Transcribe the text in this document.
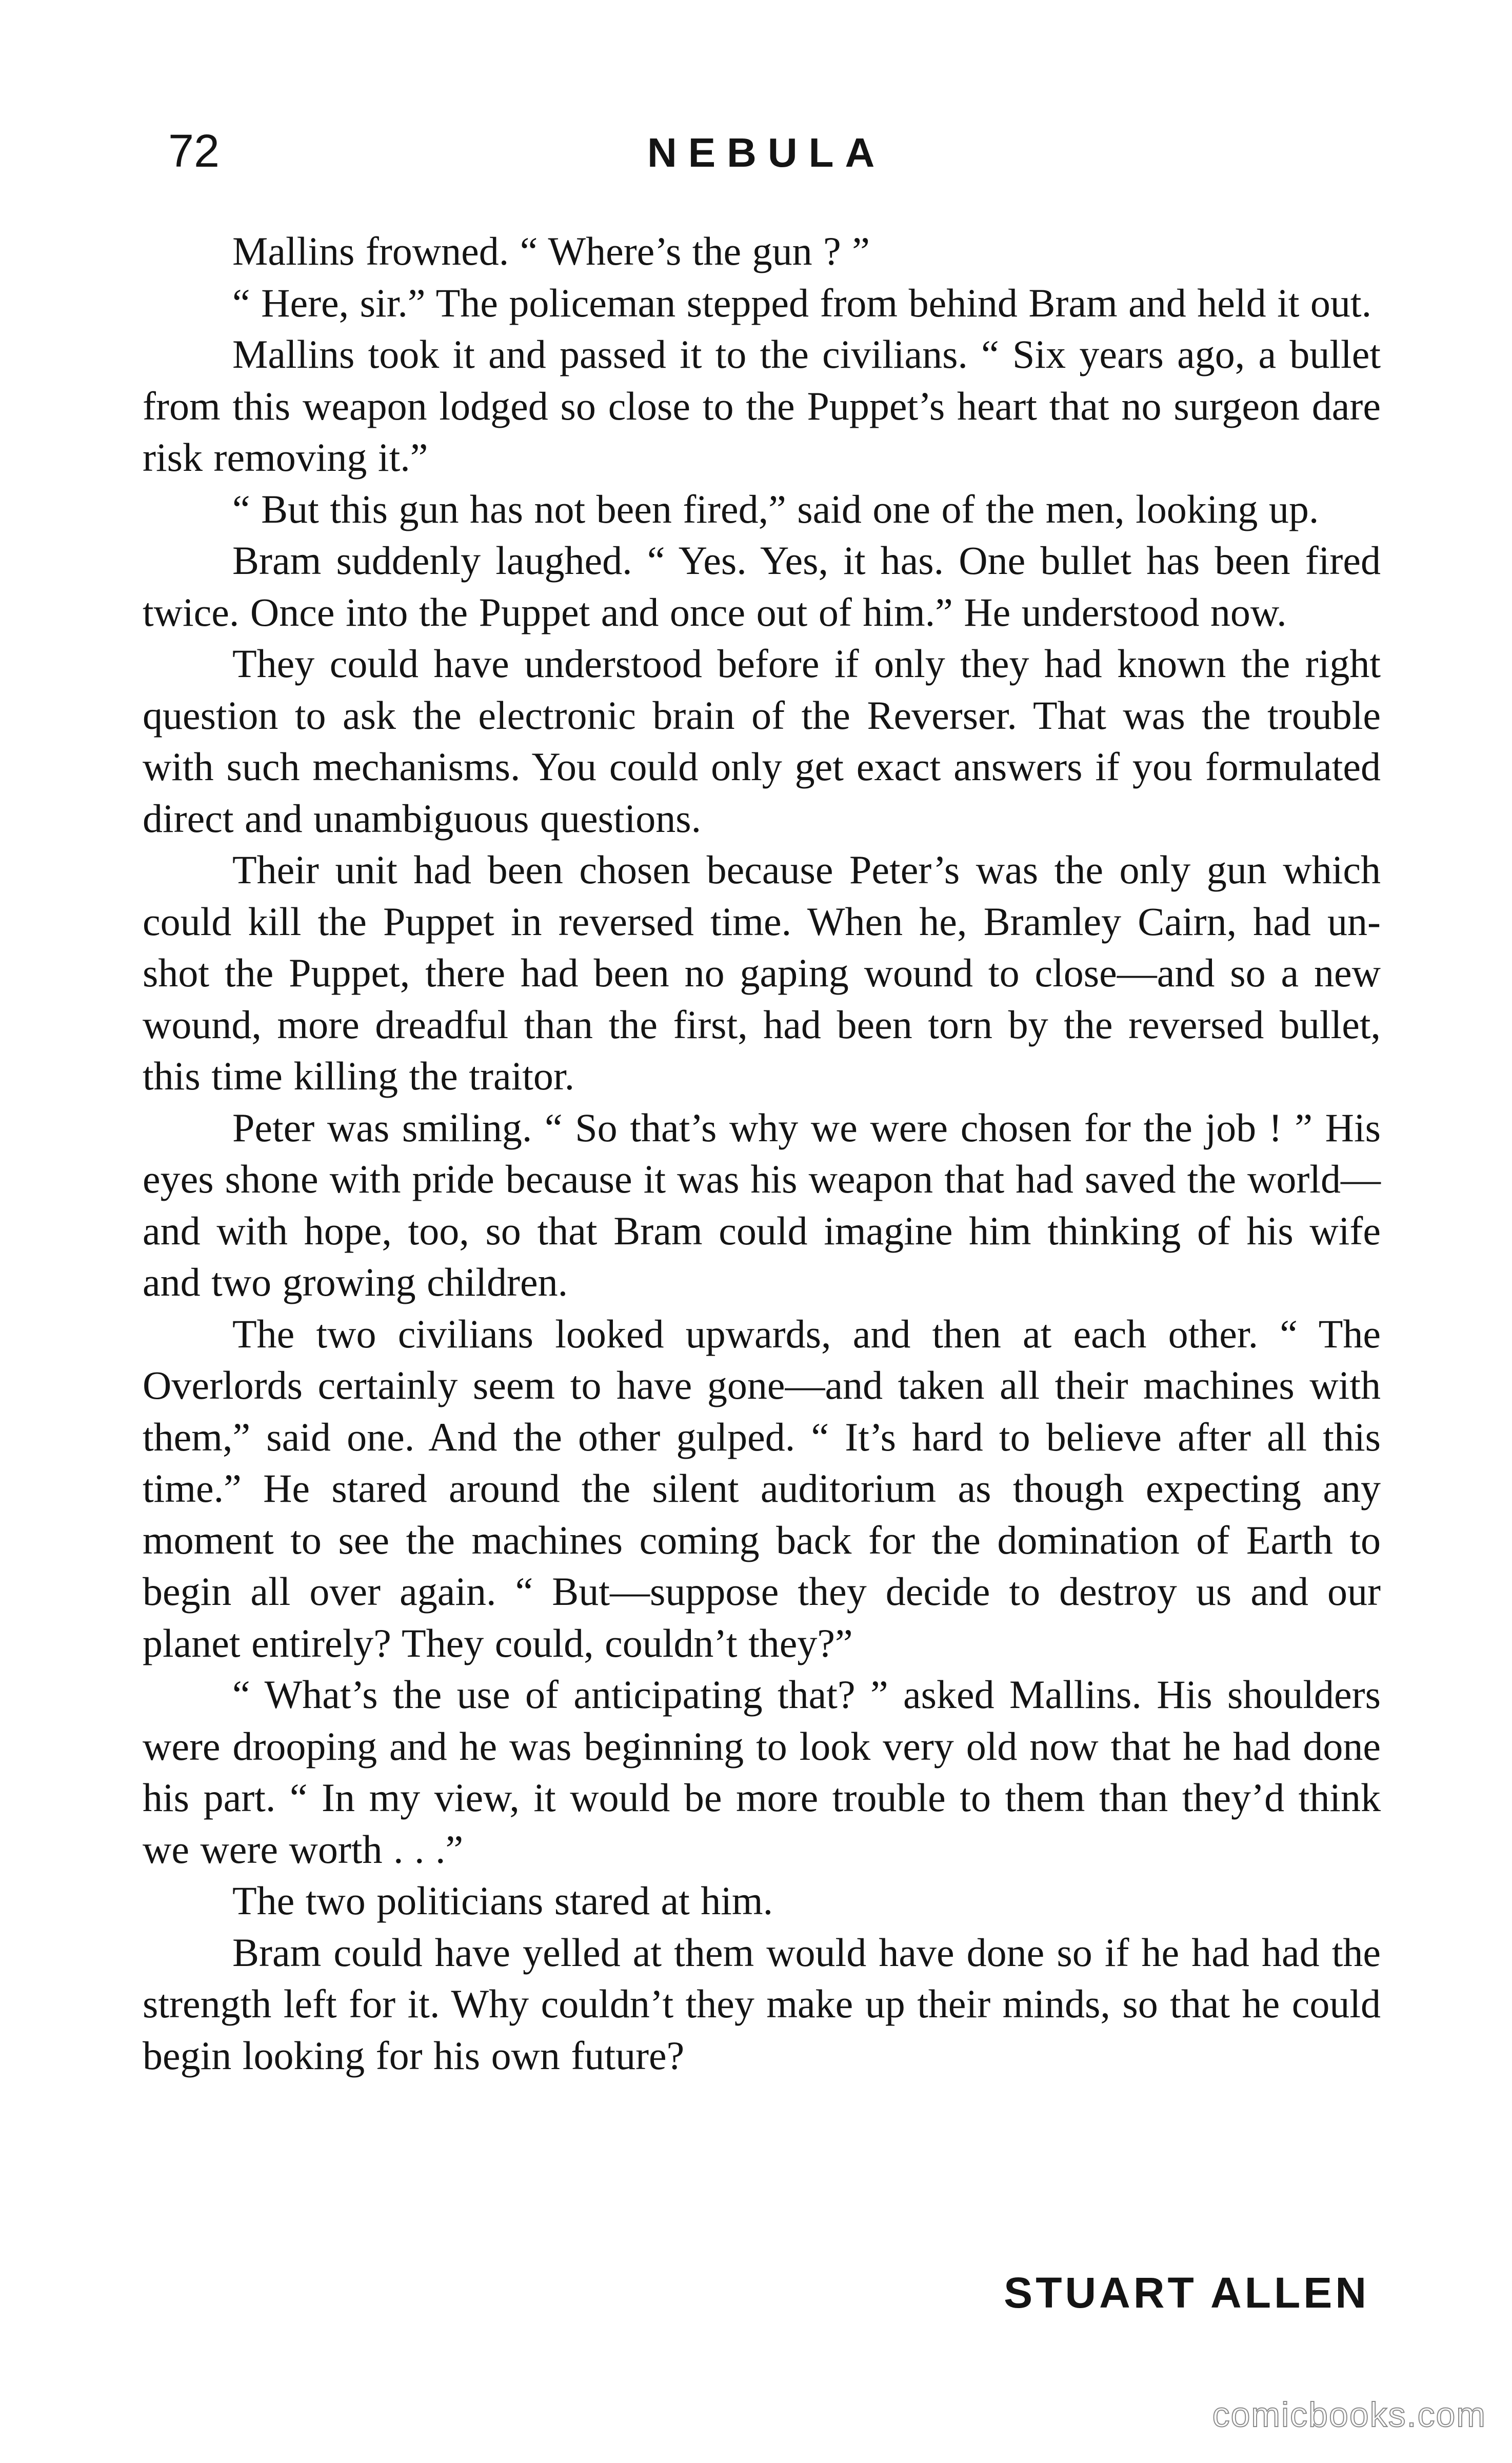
72	NEBULA

Mallins frowned. “ Where’s the gun ? ”

“ Here, sir.” The policeman stepped from behind Bram and held it out.

Mallins took it and passed it to the civilians. “ Six years ago, a bullet from this weapon lodged so close to the Puppet’s heart that no surgeon dare risk removing it.”

“ But this gun has not been fired,” said one of the men, looking up.

Bram suddenly laughed. “ Yes. Yes, it has. One bullet has been fired twice. Once into the Puppet and once out of him.” He understood now.

They could have understood before if only they had known the right question to ask the electronic brain of the Reverser. That was the trouble with such mechanisms. You could only get exact answers if you formulated direct and unambiguous questions.

Their unit had been chosen because Peter’s was the only gun which could kill the Puppet in reversed time. When he, Bramley Cairn, had un-shot the Puppet, there had been no gaping wound to close—and so a new wound, more dreadful than the first, had been torn by the reversed bullet, this time killing the traitor.

Peter was smiling. “ So that’s why we were chosen for the job ! ” His eyes shone with pride because it was his weapon that had saved the world—and with hope, too, so that Bram could imagine him thinking of his wife and two growing children.

The two civilians looked upwards, and then at each other. “ The Overlords certainly seem to have gone—and taken all their machines with them,” said one. And the other gulped. “ It’s hard to believe after all this time.” He stared around the silent auditorium as though expecting any moment to see the machines coming back for the domination of Earth to begin all over again. “ But—suppose they decide to destroy us and our planet entirely? They could, couldn’t they?”

“ What’s the use of anticipating that? ” asked Mallins. His shoulders were drooping and he was beginning to look very old now that he had done his part. “ In my view, it would be more trouble to them than they’d think we were worth . . .”

The two politicians stared at him.

Bram could have yelled at them would have done so if he had had the strength left for it. Why couldn’t they make up their minds, so that he could begin looking for his own future?

STUART ALLEN
comicbooks.com
